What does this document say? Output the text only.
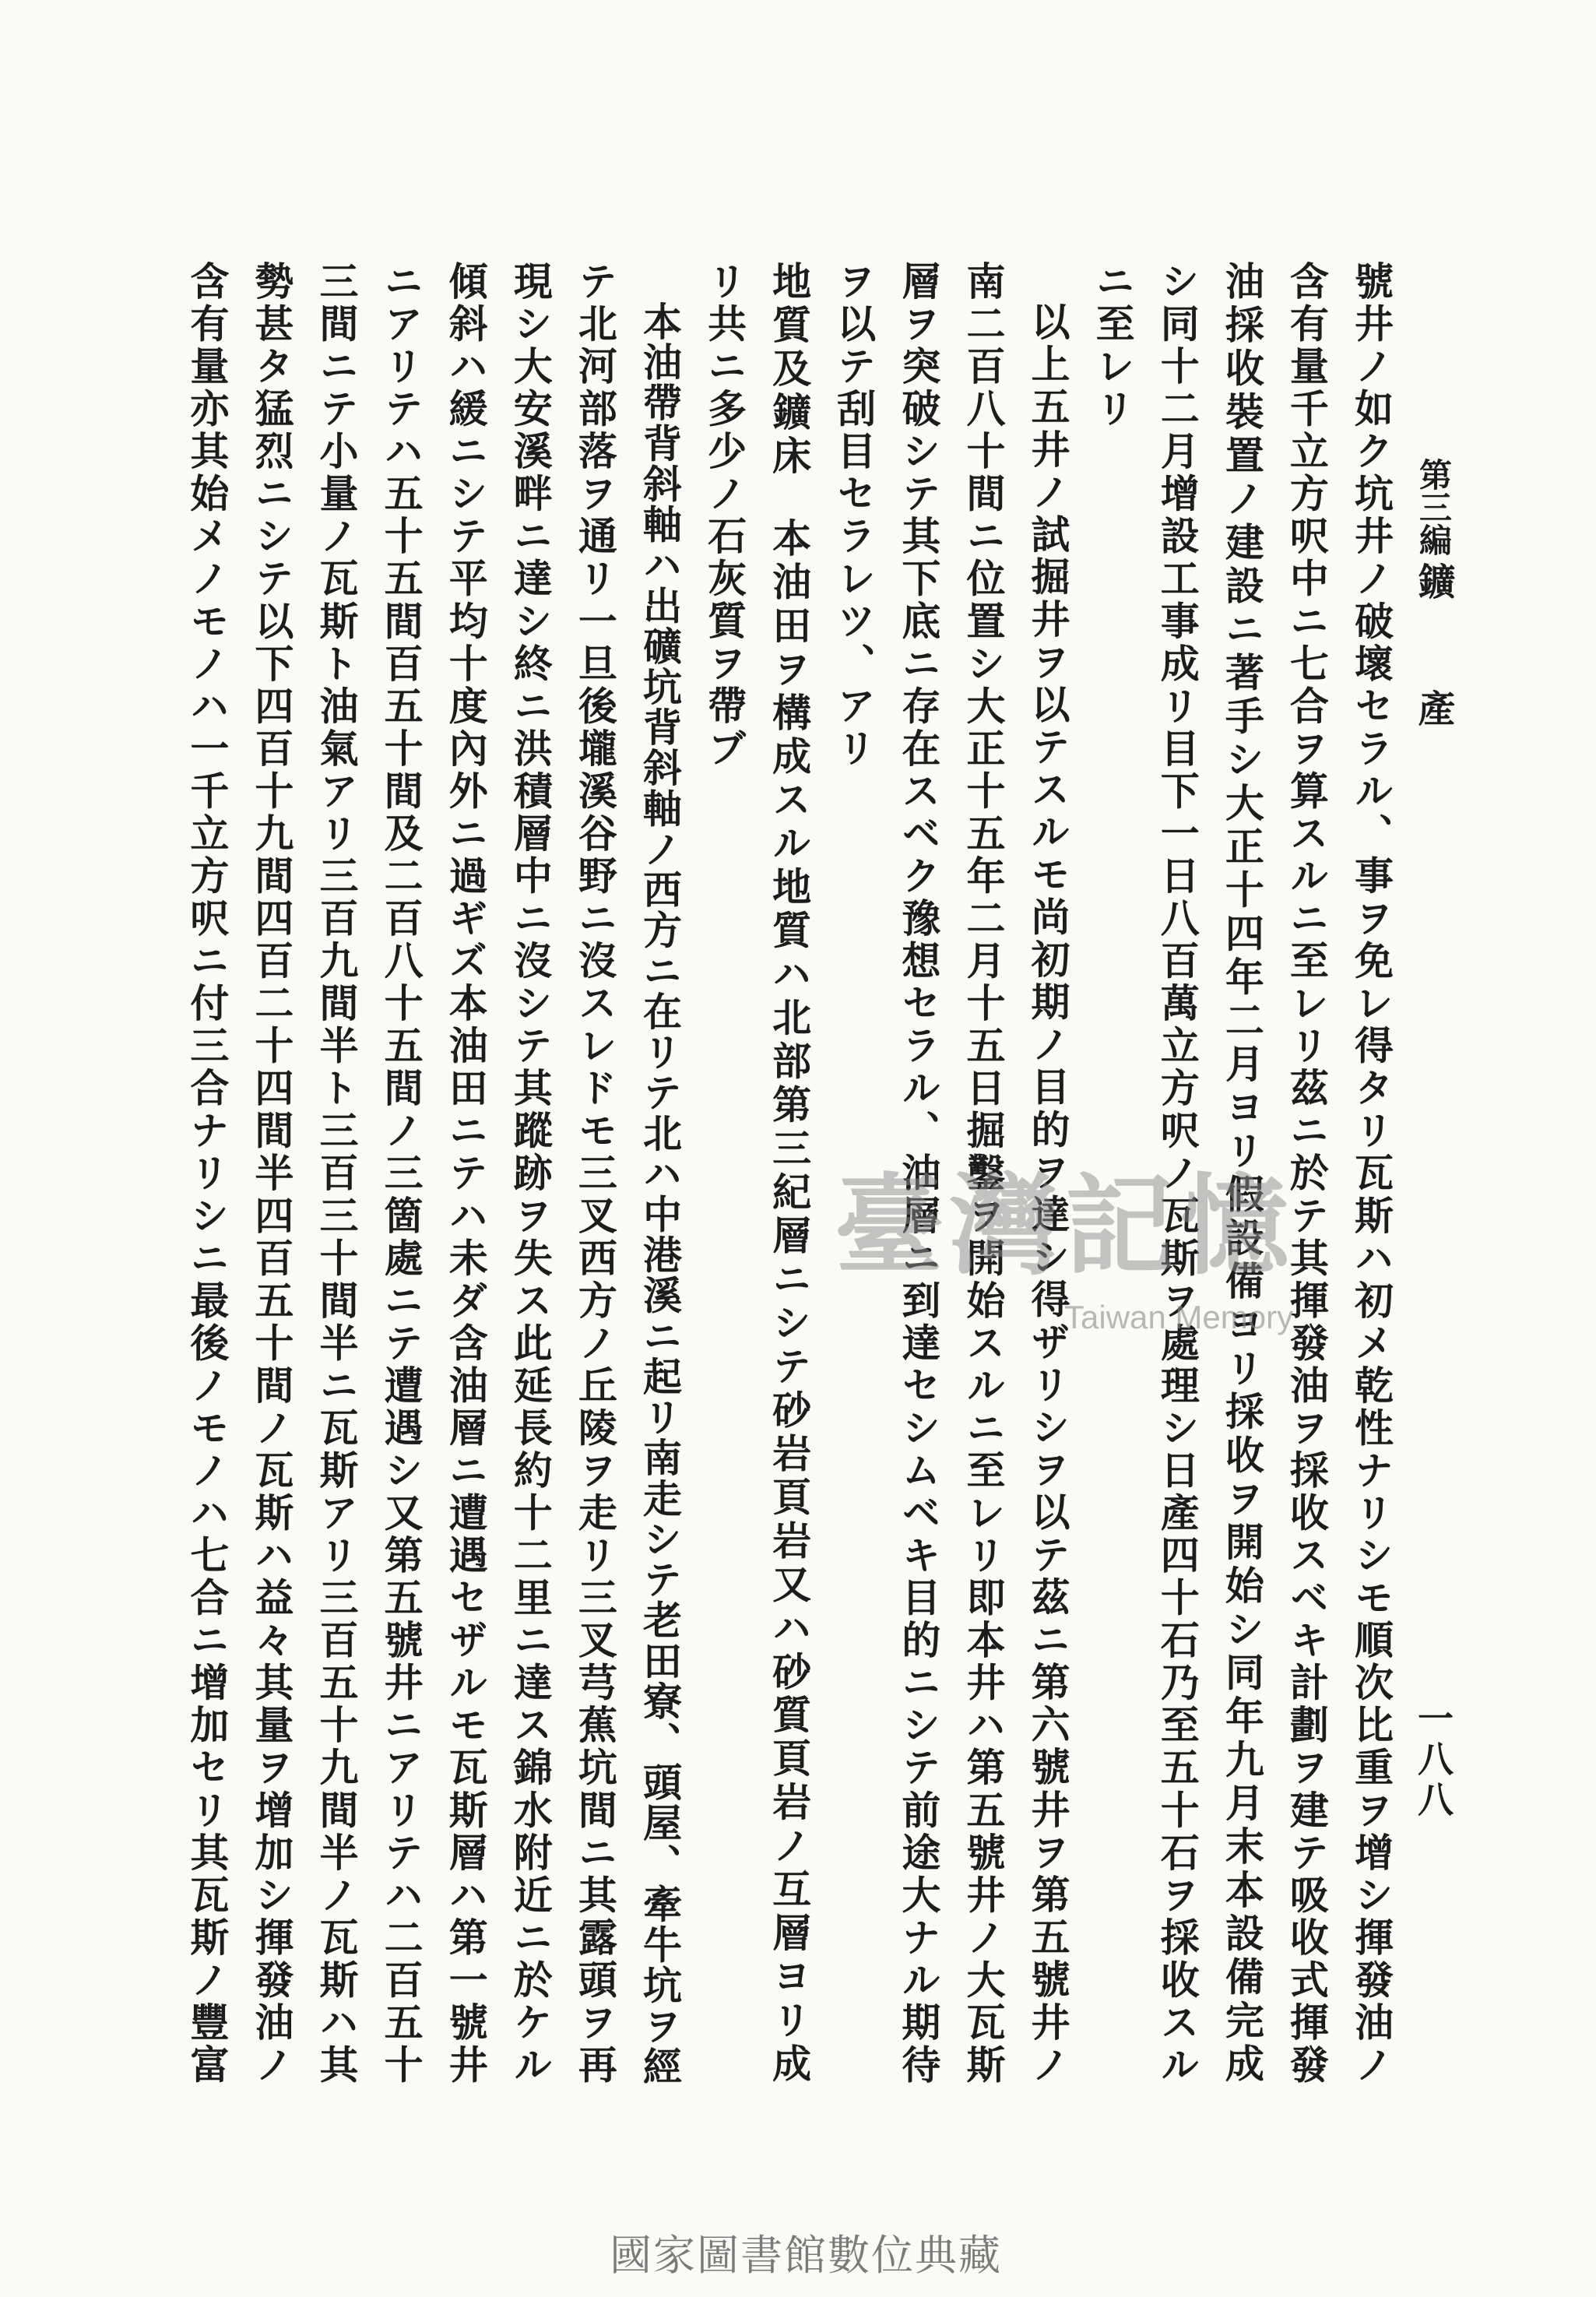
第三編鑛產
一八八
號井ノ如ク坑井ノ破壞セラル、事ヲ免レ得タリ瓦斯ハ初メ乾性ナリシモ順次比重ヲ增シ揮發油ノ
含有量千立方呎中ニ七合ヲ算スルニ至レリ茲ニ於テ其揮發油ヲ採收スベキ計劃ヲ建テ吸收式揮發
油採收裝置ノ建設ニ著手シ大正十四年二月ヨリ假設備ヨリ採收ヲ開始シ同年九月末本設備完成
シ同十二月增設工事成リ目下一日八百萬立方呎ノ瓦斯ヲ處理シ日產四十石乃至五十石ヲ採收スル
ニ至レリ
以上五井ノ試掘井ヲ以テスルモ尚初期ノ目的ヲ達シ得ザリシヲ以テ茲ニ第六號井ヲ第五號井ノ
南二百八十間ニ位置シ大正十五年二月十五日掘鑿ヲ開始スルニ至レリ即本井ハ第五號井ノ大瓦斯
層ヲ突破シテ其下底ニ存在スベク豫想セラル、油層ニ到達セシムベキ目的ニシテ前途大ナル期待
ヲ以テ刮目セラレツ、アリ
地質及鑛床本油田ヲ構成スル地質ハ北部第三紀層ニシテ砂岩頁岩又ハ砂質頁岩ノ互層ヨリ成
リ共ニ多少ノ石灰質ヲ帶ブ
本油帶背斜軸ハ出礦坑背斜軸ノ西方ニ在リテ北ハ中港溪ニ起リ南走シテ老田寮、頭屋、牽牛坑ヲ經
テ北河部落ヲ通リ一旦後壠溪谷野ニ沒スレドモ三叉西方ノ丘陵ヲ走リ三叉芎蕉坑間ニ其露頭ヲ再
現シ大安溪畔ニ達シ終ニ洪積層中ニ沒シテ其蹤跡ヲ失ス此延長約十二里ニ達ス錦水附近ニ於ケル
傾斜ハ緩ニシテ平均十度內外ニ過ギズ本油田ニテハ未ダ含油層ニ遭遇セザルモ瓦斯層ハ第一號井
ニアリテハ五十五間百五十間及二百八十五間ノ三箇處ニテ遭遇シ又第五號井ニアリテハ二百五十
三間ニテ小量ノ瓦斯ト油氣アリ三百九間半ト三百三十間半ニ瓦斯アリ三百五十九間半ノ瓦斯ハ其
勢甚タ猛烈ニシテ以下四百十九間四百二十四間半四百五十間ノ瓦斯ハ益々其量ヲ增加シ揮發油ノ
含有量亦其始メノモノハ一千立方呎ニ付三合ナリシニ最後ノモノハ七合ニ增加セリ其瓦斯ノ豐富	臺灣記憶
Taiwan Memory
國家圖書館數位典藏
